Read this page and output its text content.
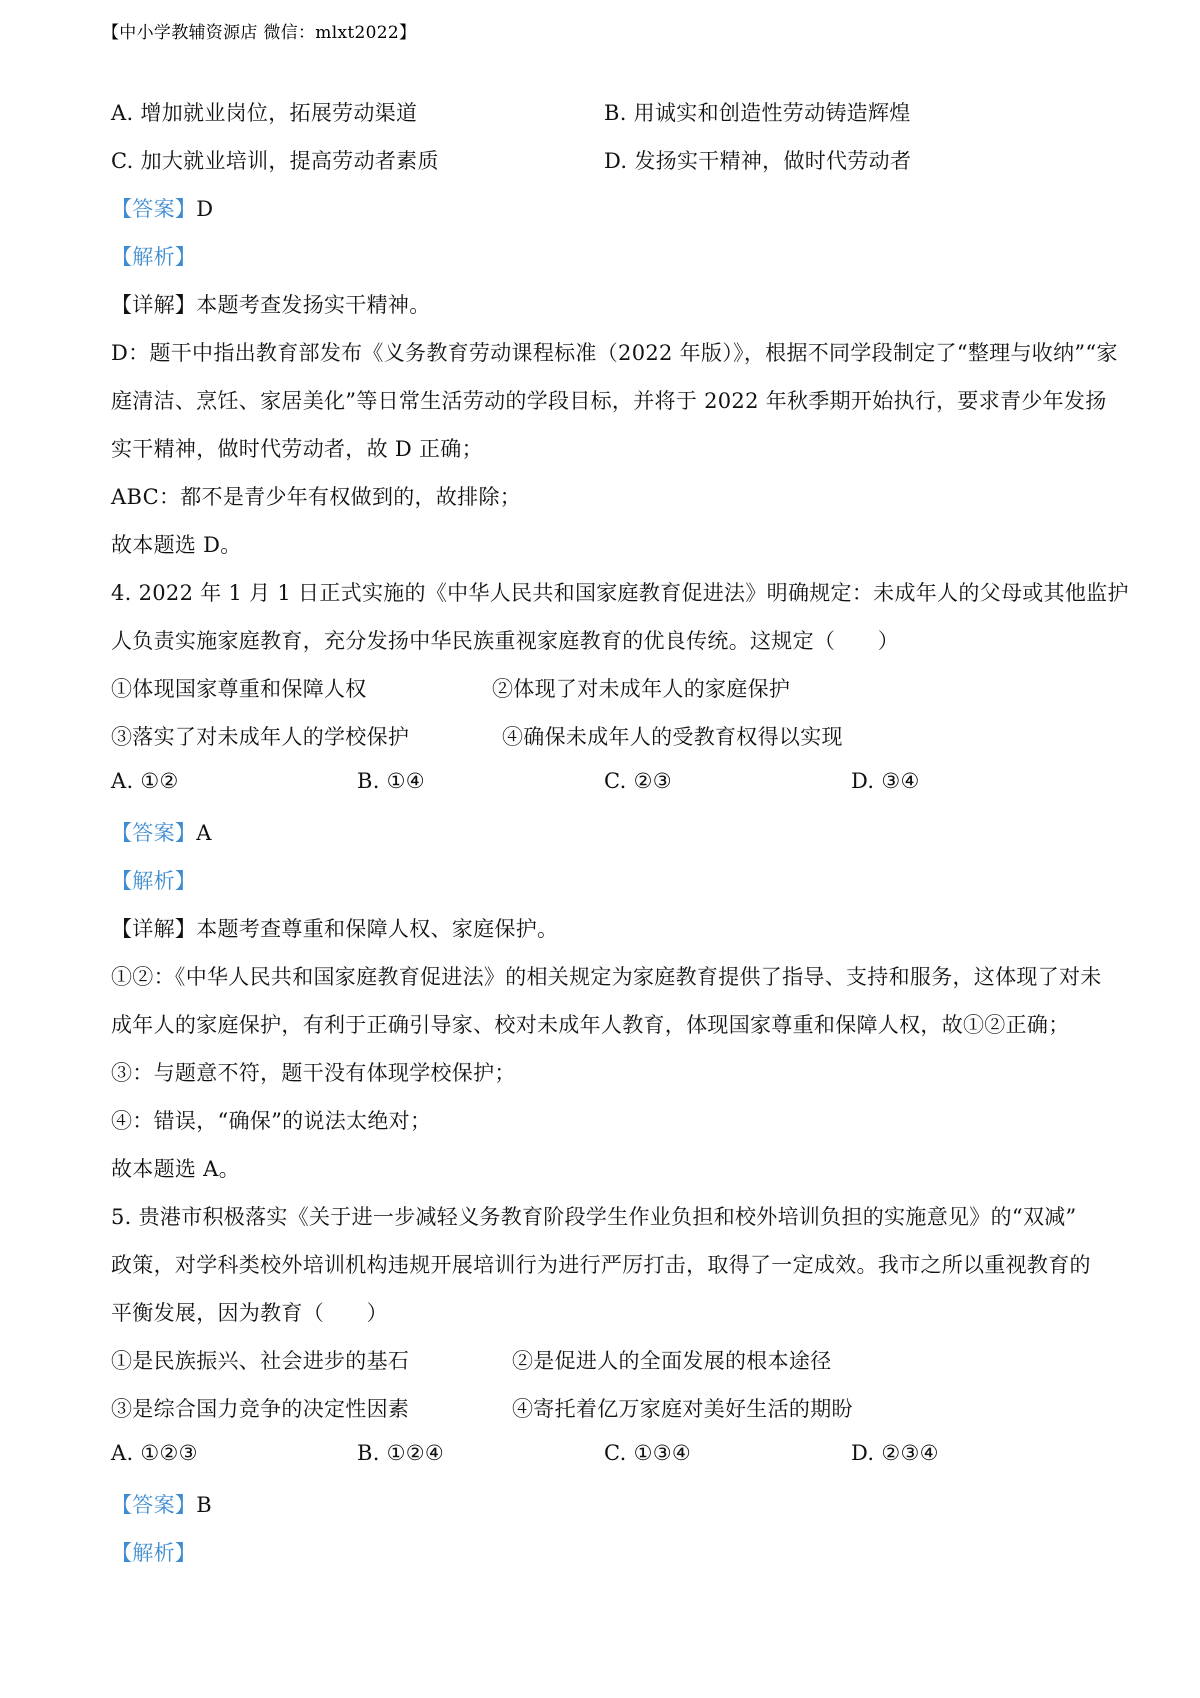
【中小学教辅资源店 微信：mlxt2022】
A. 增加就业岗位，拓展劳动渠道	B. 用诚实和创造性劳动铸造辉煌
C. 加大就业培训，提高劳动者素质	D. 发扬实干精神，做时代劳动者
【答案】D
【解析】
【详解】本题考查发扬实干精神。
D：题干中指出教育部发布《义务教育劳动课程标准（2022 年版）》，根据不同学段制定了“整理与收纳”“家
庭清洁、烹饪、家居美化”等日常生活劳动的学段目标，并将于 2022 年秋季期开始执行，要求青少年发扬
实干精神，做时代劳动者，故 D 正确；
ABC：都不是青少年有权做到的，故排除；
故本题选 D。
4. 2022 年 1 月 1 日正式实施的《中华人民共和国家庭教育促进法》明确规定：未成年人的父母或其他监护
人负责实施家庭教育，充分发扬中华民族重视家庭教育的优良传统。这规定（　　）
①体现国家尊重和保障人权	②体现了对未成年人的家庭保护
③落实了对未成年人的学校保护	④确保未成年人的受教育权得以实现
A. ①②	B. ①④	C. ②③	D. ③④
【答案】A
【解析】
【详解】本题考查尊重和保障人权、家庭保护。
①②：《中华人民共和国家庭教育促进法》的相关规定为家庭教育提供了指导、支持和服务，这体现了对未
成年人的家庭保护，有利于正确引导家、校对未成年人教育，体现国家尊重和保障人权，故①②正确；
③：与题意不符，题干没有体现学校保护；
④：错误，“确保”的说法太绝对；
故本题选 A。
5. 贵港市积极落实《关于进一步减轻义务教育阶段学生作业负担和校外培训负担的实施意见》的“双减”
政策，对学科类校外培训机构违规开展培训行为进行严厉打击，取得了一定成效。我市之所以重视教育的
平衡发展，因为教育（　　）
①是民族振兴、社会进步的基石	②是促进人的全面发展的根本途径
③是综合国力竞争的决定性因素	④寄托着亿万家庭对美好生活的期盼
A. ①②③	B. ①②④	C. ①③④	D. ②③④
【答案】B
【解析】
